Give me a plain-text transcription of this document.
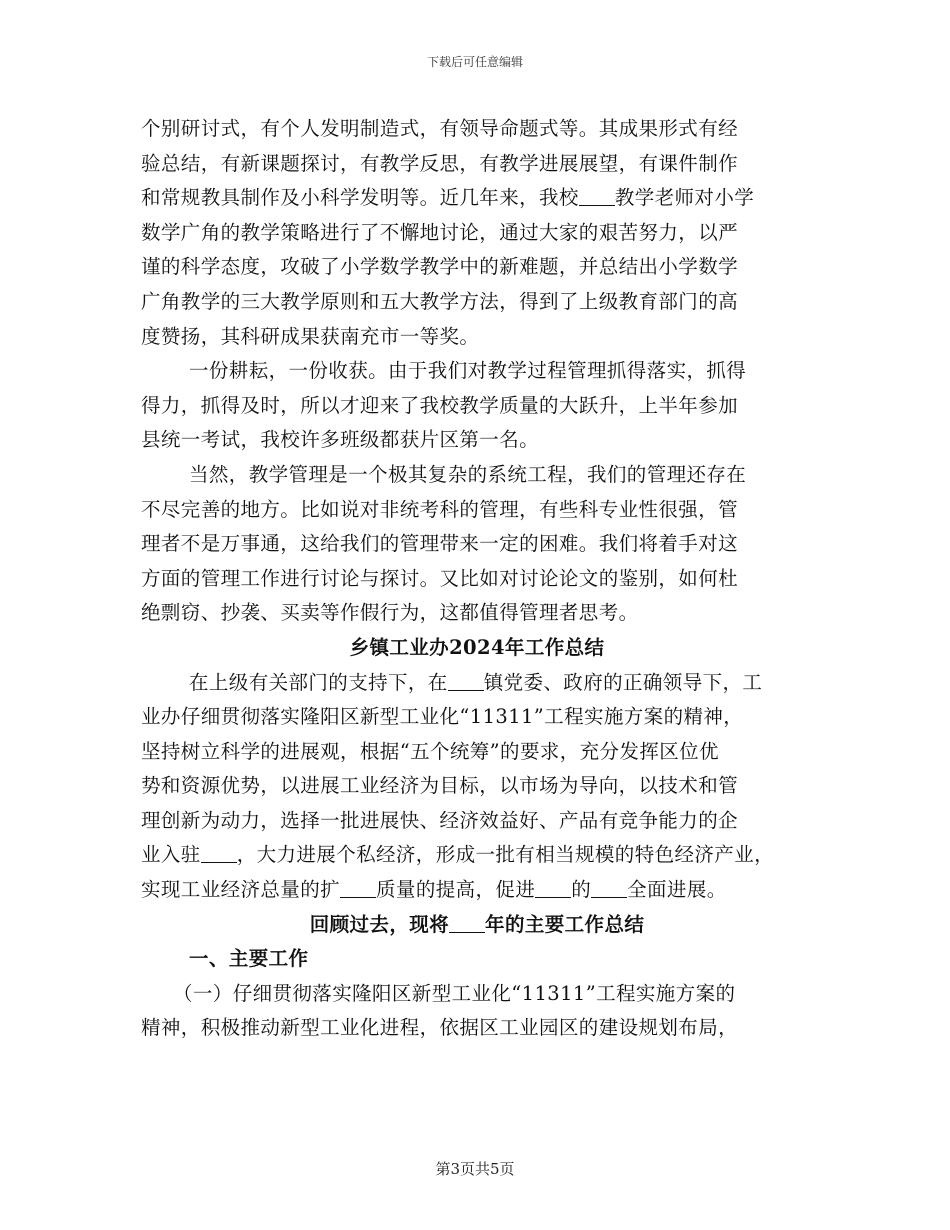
下载后可任意编辑
个别研讨式，有个人发明制造式，有领导命题式等。其成果形式有经
验总结，有新课题探讨，有教学反思，有教学进展展望，有课件制作
和常规教具制作及小科学发明等。近几年来，我校 教学老师对小学
数学广角的教学策略进行了不懈地讨论，通过大家的艰苦努力，以严
谨的科学态度，攻破了小学数学教学中的新难题，并总结出小学数学
广角教学的三大教学原则和五大教学方法，得到了上级教育部门的高
度赞扬，其科研成果获南充市一等奖。
一份耕耘，一份收获。由于我们对教学过程管理抓得落实，抓得
得力，抓得及时，所以才迎来了我校教学质量的大跃升，上半年参加
县统一考试，我校许多班级都获片区第一名。
当然，教学管理是一个极其复杂的系统工程，我们的管理还存在
不尽完善的地方。比如说对非统考科的管理，有些科专业性很强，管
理者不是万事通，这给我们的管理带来一定的困难。我们将着手对这
方面的管理工作进行讨论与探讨。又比如对讨论论文的鉴别，如何杜
绝剽窃、抄袭、买卖等作假行为，这都值得管理者思考。
乡镇工业办2024年工作总结
在上级有关部门的支持下，在 镇党委、政府的正确领导下，工
业办仔细贯彻落实隆阳区新型工业化“11311”工程实施方案的精神，
坚持树立科学的进展观，根据“五个统筹”的要求，充分发挥区位优
势和资源优势，以进展工业经济为目标，以市场为导向，以技术和管
理创新为动力，选择一批进展快、经济效益好、产品有竞争能力的企
业入驻 ，大力进展个私经济，形成一批有相当规模的特色经济产业，
实现工业经济总量的扩 质量的提高，促进 的 全面进展。
回顾过去，现将 年的主要工作总结
一、主要工作
（一）仔细贯彻落实隆阳区新型工业化“11311”工程实施方案的
精神，积极推动新型工业化进程，依据区工业园区的建设规划布局，
第3页共5页
